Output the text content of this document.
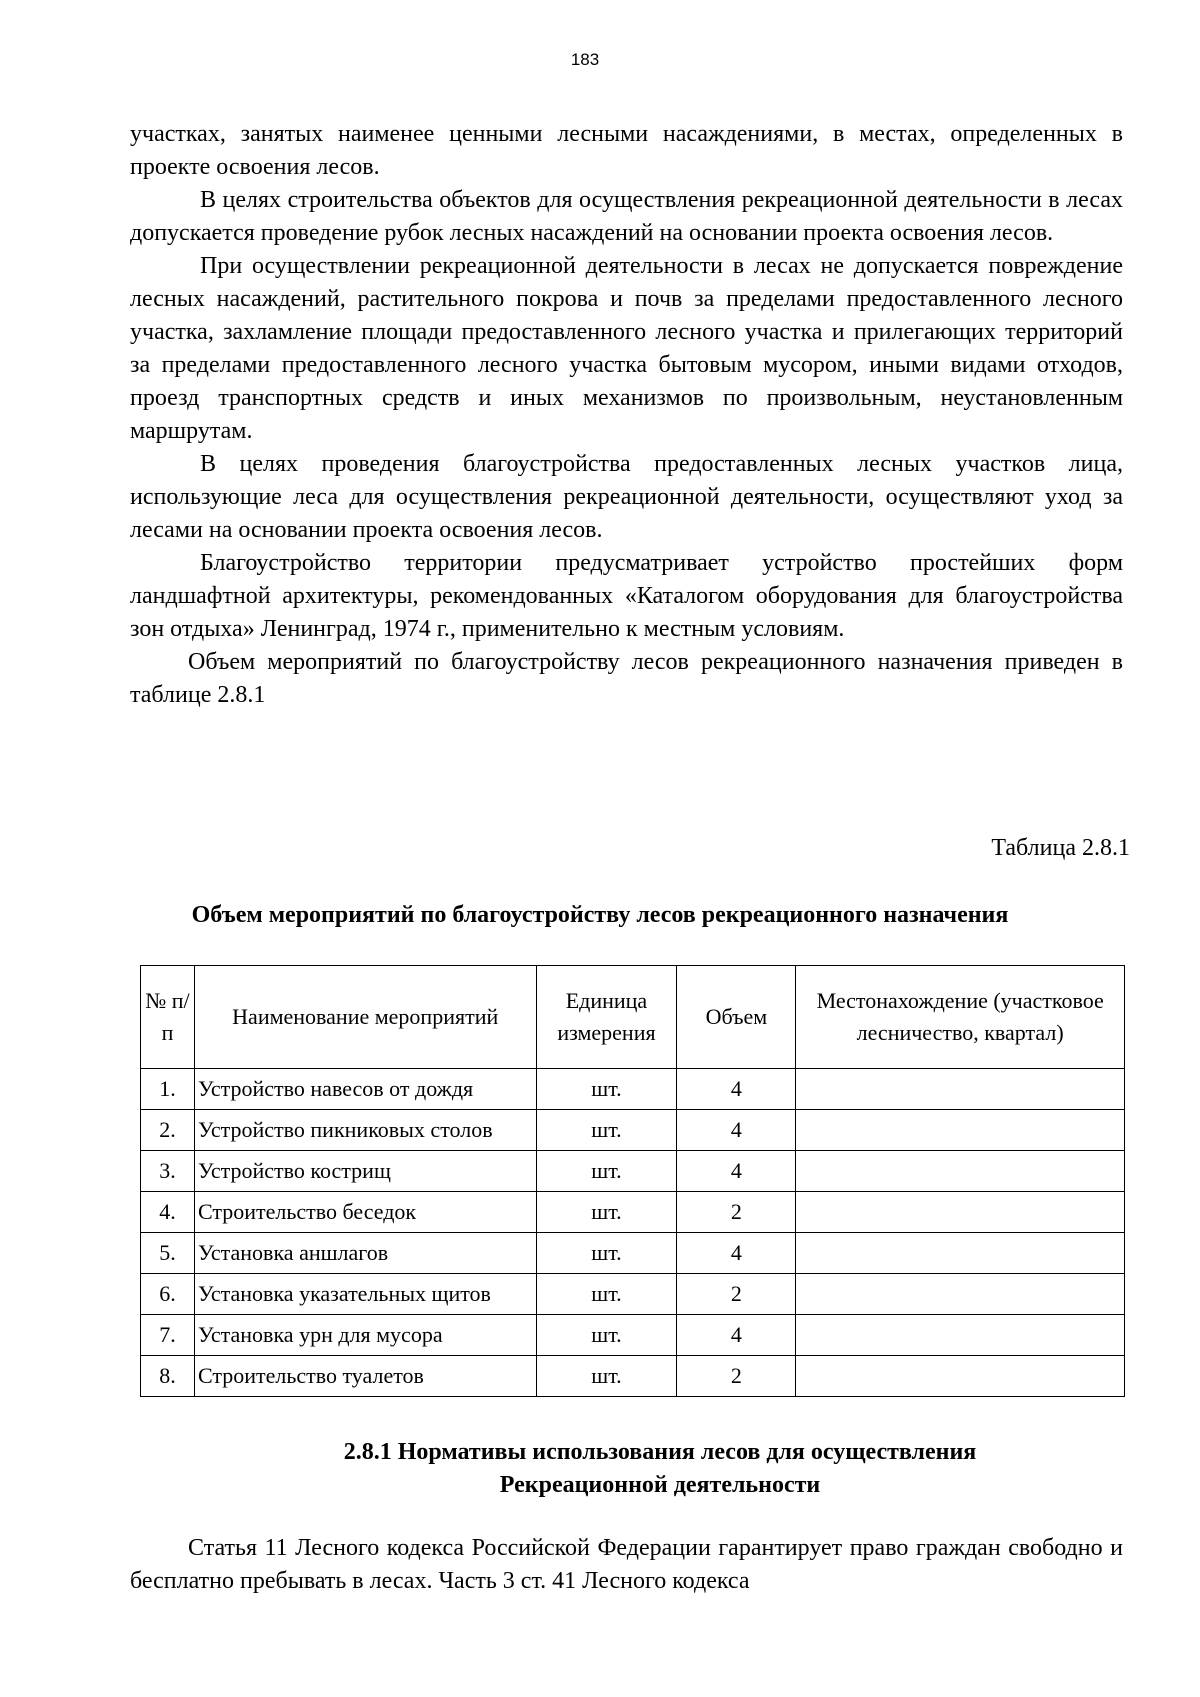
183

участках, занятых наименее ценными лесными насаждениями, в местах, определенных в проекте освоения лесов.

В целях строительства объектов для осуществления рекреационной деятельности в лесах допускается проведение рубок лесных насаждений на основании проекта освоения лесов.

При осуществлении рекреационной деятельности в лесах не допускается повреждение лесных насаждений, растительного покрова и почв за пределами предоставленного лесного участка, захламление площади предоставленного лесного участка и прилегающих территорий за пределами предоставленного лесного участка бытовым мусором, иными видами отходов, проезд транспортных средств и иных механизмов по произвольным, неустановленным маршрутам.

В целях проведения благоустройства предоставленных лесных участков лица, использующие леса для осуществления рекреационной деятельности, осуществляют уход за лесами на основании проекта освоения лесов.

Благоустройство территории предусматривает устройство простейших форм ландшафтной архитектуры, рекомендованных «Каталогом оборудования для благоустройства зон отдыха» Ленинград, 1974 г., применительно к местным условиям.

Объем мероприятий по благоустройству лесов рекреационного назначения приведен в таблице 2.8.1

Таблица 2.8.1
Объем мероприятий по благоустройству лесов рекреационного назначения
№ п/п	Наименование мероприятий	Единица измерения	Объем	Местонахождение (участковое лесничество, квартал)
1.	Устройство навесов от дождя	шт.	4	
2.	Устройство пикниковых столов	шт.	4	
3.	Устройство кострищ	шт.	4	
4.	Строительство беседок	шт.	2	
5.	Установка аншлагов	шт.	4	
6.	Установка указательных щитов	шт.	2	
7.	Установка урн для мусора	шт.	4	
8.	Строительство туалетов	шт.	2	
2.8.1 Нормативы использования лесов для осуществления
Рекреационной деятельности

Статья 11 Лесного кодекса Российской Федерации гарантирует право граждан свободно и бесплатно пребывать в лесах. Часть 3 ст. 41 Лесного кодекса
